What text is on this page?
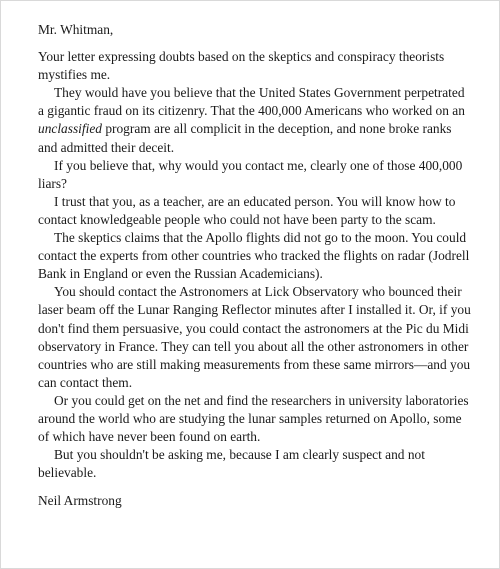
Mr. Whitman,

Your letter expressing doubts based on the skeptics and conspiracy theorists mystifies me.

They would have you believe that the United States Government perpetrated a gigantic fraud on its citizenry. That the 400,000 Americans who worked on an unclassified program are all complicit in the deception, and none broke ranks and admitted their deceit.

If you believe that, why would you contact me, clearly one of those 400,000 liars?

I trust that you, as a teacher, are an educated person. You will know how to contact knowledgeable people who could not have been party to the scam.

The skeptics claims that the Apollo flights did not go to the moon. You could contact the experts from other countries who tracked the flights on radar (Jodrell Bank in England or even the Russian Academicians).

You should contact the Astronomers at Lick Observatory who bounced their laser beam off the Lunar Ranging Reflector minutes after I installed it. Or, if you don't find them persuasive, you could contact the astronomers at the Pic du Midi observatory in France. They can tell you about all the other astronomers in other countries who are still making measurements from these same mirrors—and you can contact them.

Or you could get on the net and find the researchers in university laboratories around the world who are studying the lunar samples returned on Apollo, some of which have never been found on earth.

But you shouldn't be asking me, because I am clearly suspect and not believable.

Neil Armstrong
